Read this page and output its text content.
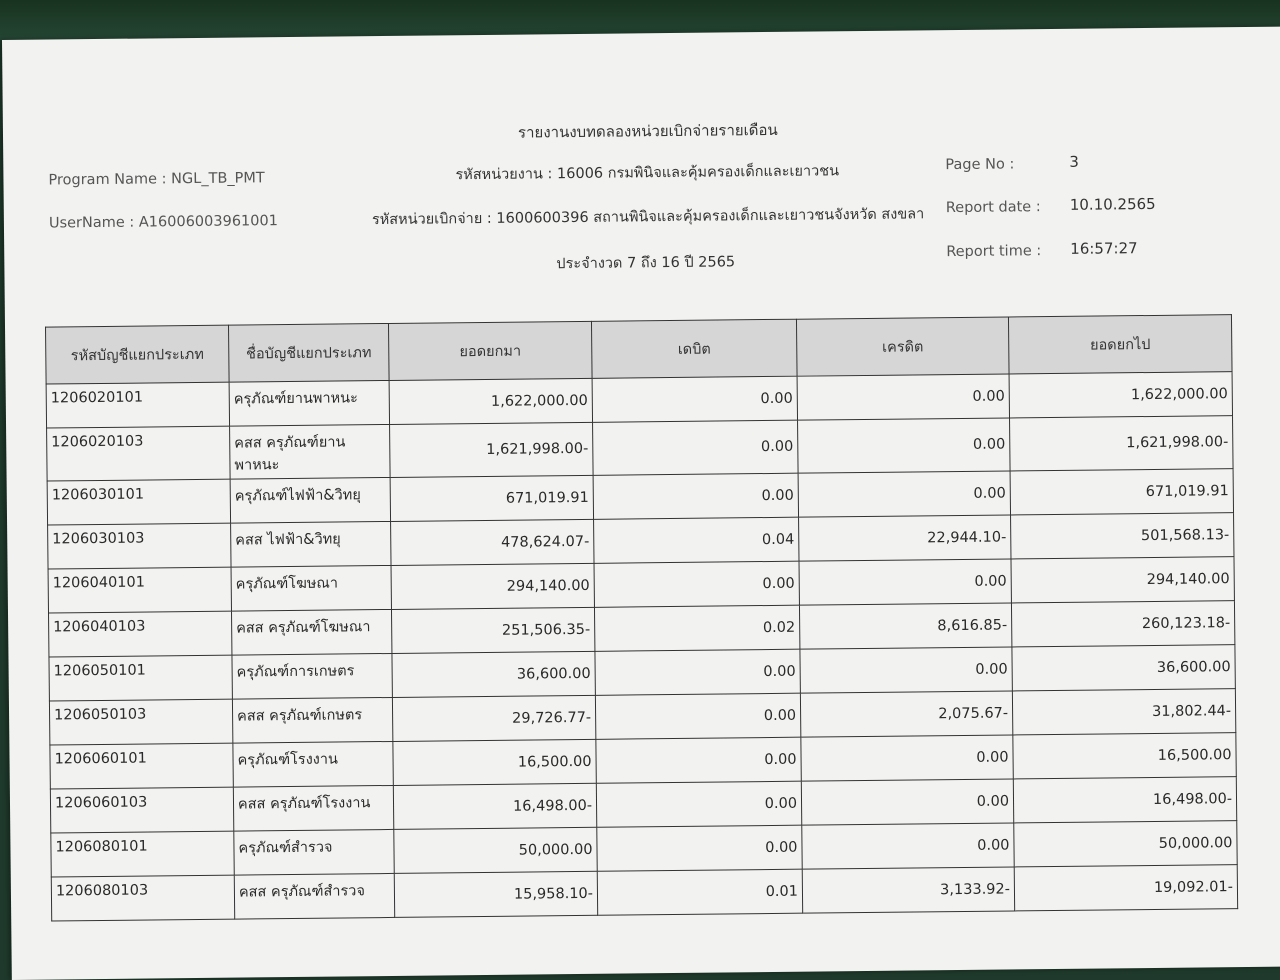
รายงานงบทดลองหน่วยเบิกจ่ายรายเดือน
Program Name : NGL_TB_PMT
UserName : A16006003961001
รหัสหน่วยงาน : 16006 กรมพินิจและคุ้มครองเด็กและเยาวชน
รหัสหน่วยเบิกจ่าย : 1600600396 สถานพินิจและคุ้มครองเด็กและเยาวชนจังหวัด สงขลา
ประจำงวด 7 ถึง 16 ปี 2565
Page No :	3
Report date : 10.10.2565
Report time : 16:57:27
รหัสบัญชีแยกประเภท	ชื่อบัญชีแยกประเภท	ยอดยกมา	เดบิต	เครดิต	ยอดยกไป
1206020101	ครุภัณฑ์ยานพาหนะ	1,622,000.00	0.00	0.00	1,622,000.00
1206020103	คสส ครุภัณฑ์ยานพาหนะ	1,621,998.00-	0.00	0.00	1,621,998.00-
1206030101	ครุภัณฑ์ไฟฟ้า&วิทยุ	671,019.91	0.00	0.00	671,019.91
1206030103	คสส ไฟฟ้า&วิทยุ	478,624.07-	0.04	22,944.10-	501,568.13-
1206040101	ครุภัณฑ์โฆษณา	294,140.00	0.00	0.00	294,140.00
1206040103	คสส ครุภัณฑ์โฆษณา	251,506.35-	0.02	8,616.85-	260,123.18-
1206050101	ครุภัณฑ์การเกษตร	36,600.00	0.00	0.00	36,600.00
1206050103	คสส ครุภัณฑ์เกษตร	29,726.77-	0.00	2,075.67-	31,802.44-
1206060101	ครุภัณฑ์โรงงาน	16,500.00	0.00	0.00	16,500.00
1206060103	คสส ครุภัณฑ์โรงงาน	16,498.00-	0.00	0.00	16,498.00-
1206080101	ครุภัณฑ์สำรวจ	50,000.00	0.00	0.00	50,000.00
1206080103	คสส ครุภัณฑ์สำรวจ	15,958.10-	0.01	3,133.92-	19,092.01-
